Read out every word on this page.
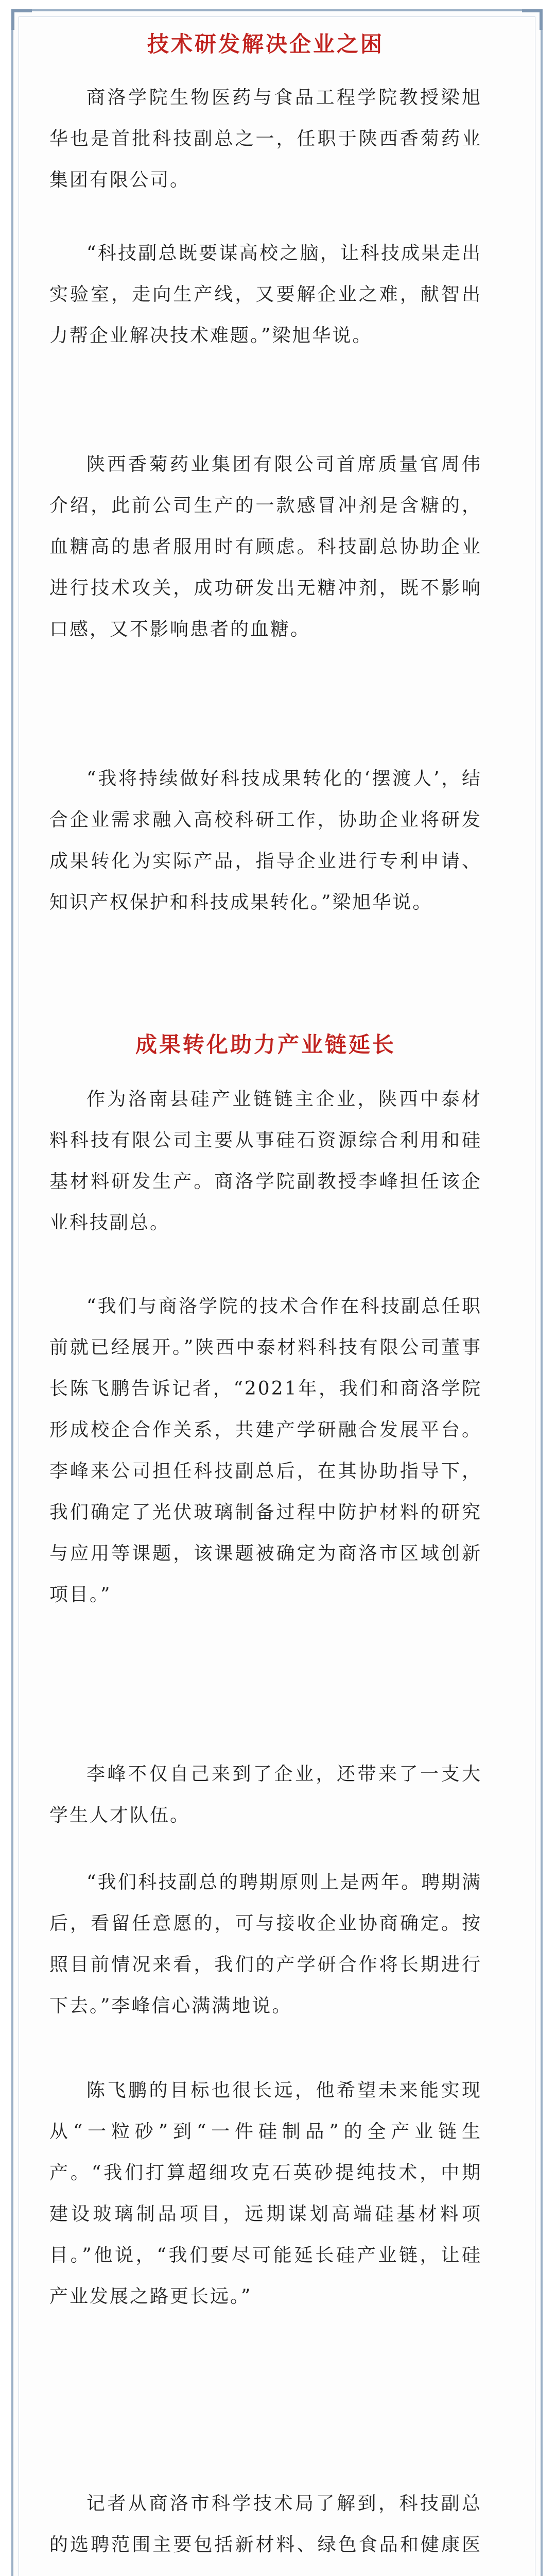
技术研发解决企业之困

商洛学院生物医药与食品工程学院教授梁旭华也是首批科技副总之一，任职于陕西香菊药业集团有限公司。

“科技副总既要谋高校之脑，让科技成果走出实验室，走向生产线，又要解企业之难，献智出力帮企业解决技术难题。”梁旭华说。

陕西香菊药业集团有限公司首席质量官周伟介绍，此前公司生产的一款感冒冲剂是含糖的，血糖高的患者服用时有顾虑。科技副总协助企业进行技术攻关，成功研发出无糖冲剂，既不影响口感，又不影响患者的血糖。

“我将持续做好科技成果转化的‘摆渡人’，结合企业需求融入高校科研工作，协助企业将研发成果转化为实际产品，指导企业进行专利申请、知识产权保护和科技成果转化。”梁旭华说。

成果转化助力产业链延长

作为洛南县硅产业链链主企业，陕西中泰材料科技有限公司主要从事硅石资源综合利用和硅基材料研发生产。商洛学院副教授李峰担任该企业科技副总。

“我们与商洛学院的技术合作在科技副总任职前就已经展开。”陕西中泰材料科技有限公司董事长陈飞鹏告诉记者，“2021年，我们和商洛学院形成校企合作关系，共建产学研融合发展平台。李峰来公司担任科技副总后，在其协助指导下，我们确定了光伏玻璃制备过程中防护材料的研究与应用等课题，该课题被确定为商洛市区域创新项目。”

李峰不仅自己来到了企业，还带来了一支大学生人才队伍。

“我们科技副总的聘期原则上是两年。聘期满后，看留任意愿的，可与接收企业协商确定。按照目前情况来看，我们的产学研合作将长期进行下去。”李峰信心满满地说。

陈飞鹏的目标也很长远，他希望未来能实现从“一粒砂”到“一件硅制品”的全产业链生产。“我们打算超细攻克石英砂提纯技术，中期建设玻璃制品项目，远期谋划高端硅基材料项目。”他说，“我们要尽可能延长硅产业链，让硅产业发展之路更长远。”

记者从商洛市科学技术局了解到，科技副总的选聘范围主要包括新材料、绿色食品和健康医
